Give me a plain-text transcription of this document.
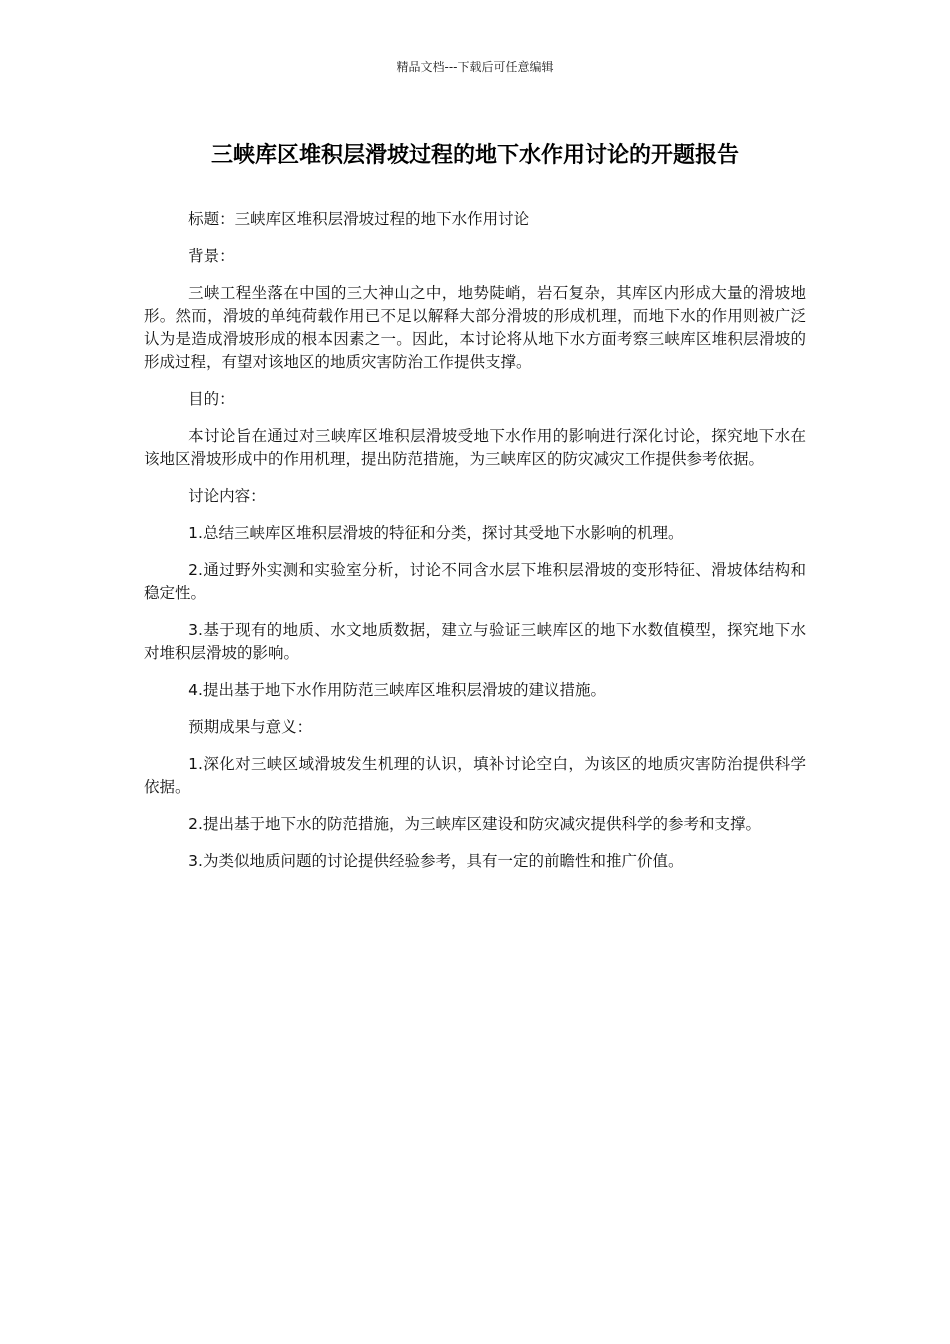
精品文档---下载后可任意编辑
三峡库区堆积层滑坡过程的地下水作用讨论的开题报告

标题：三峡库区堆积层滑坡过程的地下水作用讨论

背景：

三峡工程坐落在中国的三大神山之中，地势陡峭，岩石复杂，其库区内形成大量的滑坡地形。然而，滑坡的单纯荷载作用已不足以解释大部分滑坡的形成机理，而地下水的作用则被广泛认为是造成滑坡形成的根本因素之一。因此，本讨论将从地下水方面考察三峡库区堆积层滑坡的形成过程，有望对该地区的地质灾害防治工作提供支撑。

目的：

本讨论旨在通过对三峡库区堆积层滑坡受地下水作用的影响进行深化讨论，探究地下水在该地区滑坡形成中的作用机理，提出防范措施，为三峡库区的防灾减灾工作提供参考依据。

讨论内容：

1.总结三峡库区堆积层滑坡的特征和分类，探讨其受地下水影响的机理。

2.通过野外实测和实验室分析，讨论不同含水层下堆积层滑坡的变形特征、滑坡体结构和稳定性。

3.基于现有的地质、水文地质数据，建立与验证三峡库区的地下水数值模型，探究地下水对堆积层滑坡的影响。

4.提出基于地下水作用防范三峡库区堆积层滑坡的建议措施。

预期成果与意义：

1.深化对三峡区域滑坡发生机理的认识，填补讨论空白，为该区的地质灾害防治提供科学依据。

2.提出基于地下水的防范措施，为三峡库区建设和防灾减灾提供科学的参考和支撑。

3.为类似地质问题的讨论提供经验参考，具有一定的前瞻性和推广价值。
